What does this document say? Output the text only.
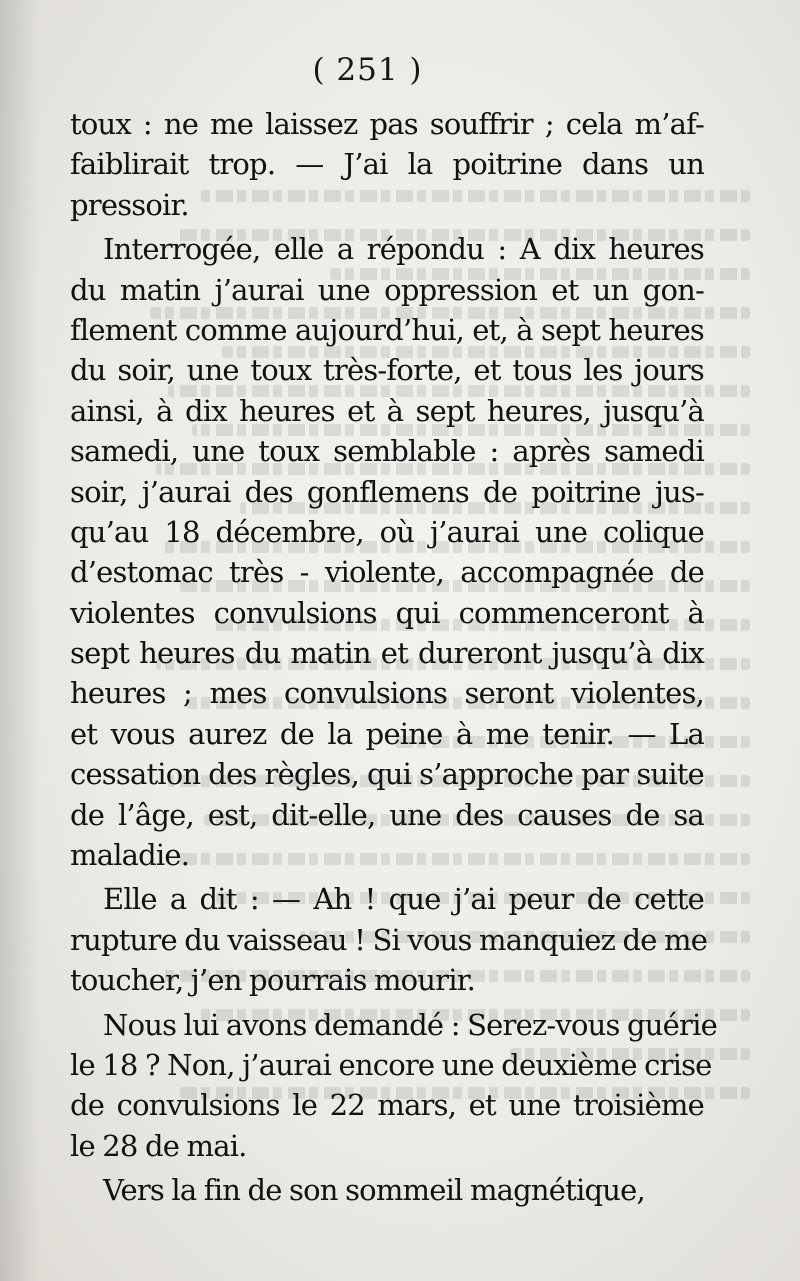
( 251 )
toux : ne me laissez pas souffrir ; cela m’af-
faiblirait trop. — J’ai la poitrine dans un
pressoir.
Interrogée, elle a répondu : A dix heures
du matin j’aurai une oppression et un gon-
flement comme aujourd’hui, et, à sept heures
du soir, une toux très-forte, et tous les jours
ainsi, à dix heures et à sept heures, jusqu’à
samedi, une toux semblable : après samedi
soir, j’aurai des gonflemens de poitrine jus-
qu’au 18 décembre, où j’aurai une colique
d’estomac très - violente, accompagnée de
violentes convulsions qui commenceront à
sept heures du matin et dureront jusqu’à dix
heures ; mes convulsions seront violentes,
et vous aurez de la peine à me tenir. — La
cessation des règles, qui s’approche par suite
de l’âge, est, dit-elle, une des causes de sa
maladie.
Elle a dit : — Ah ! que j’ai peur de cette
rupture du vaisseau ! Si vous manquiez de me
toucher, j’en pourrais mourir.
Nous lui avons demandé : Serez-vous guérie
le 18 ? Non, j’aurai encore une deuxième crise
de convulsions le 22 mars, et une troisième
le 28 de mai.
Vers la fin de son sommeil magnétique,
